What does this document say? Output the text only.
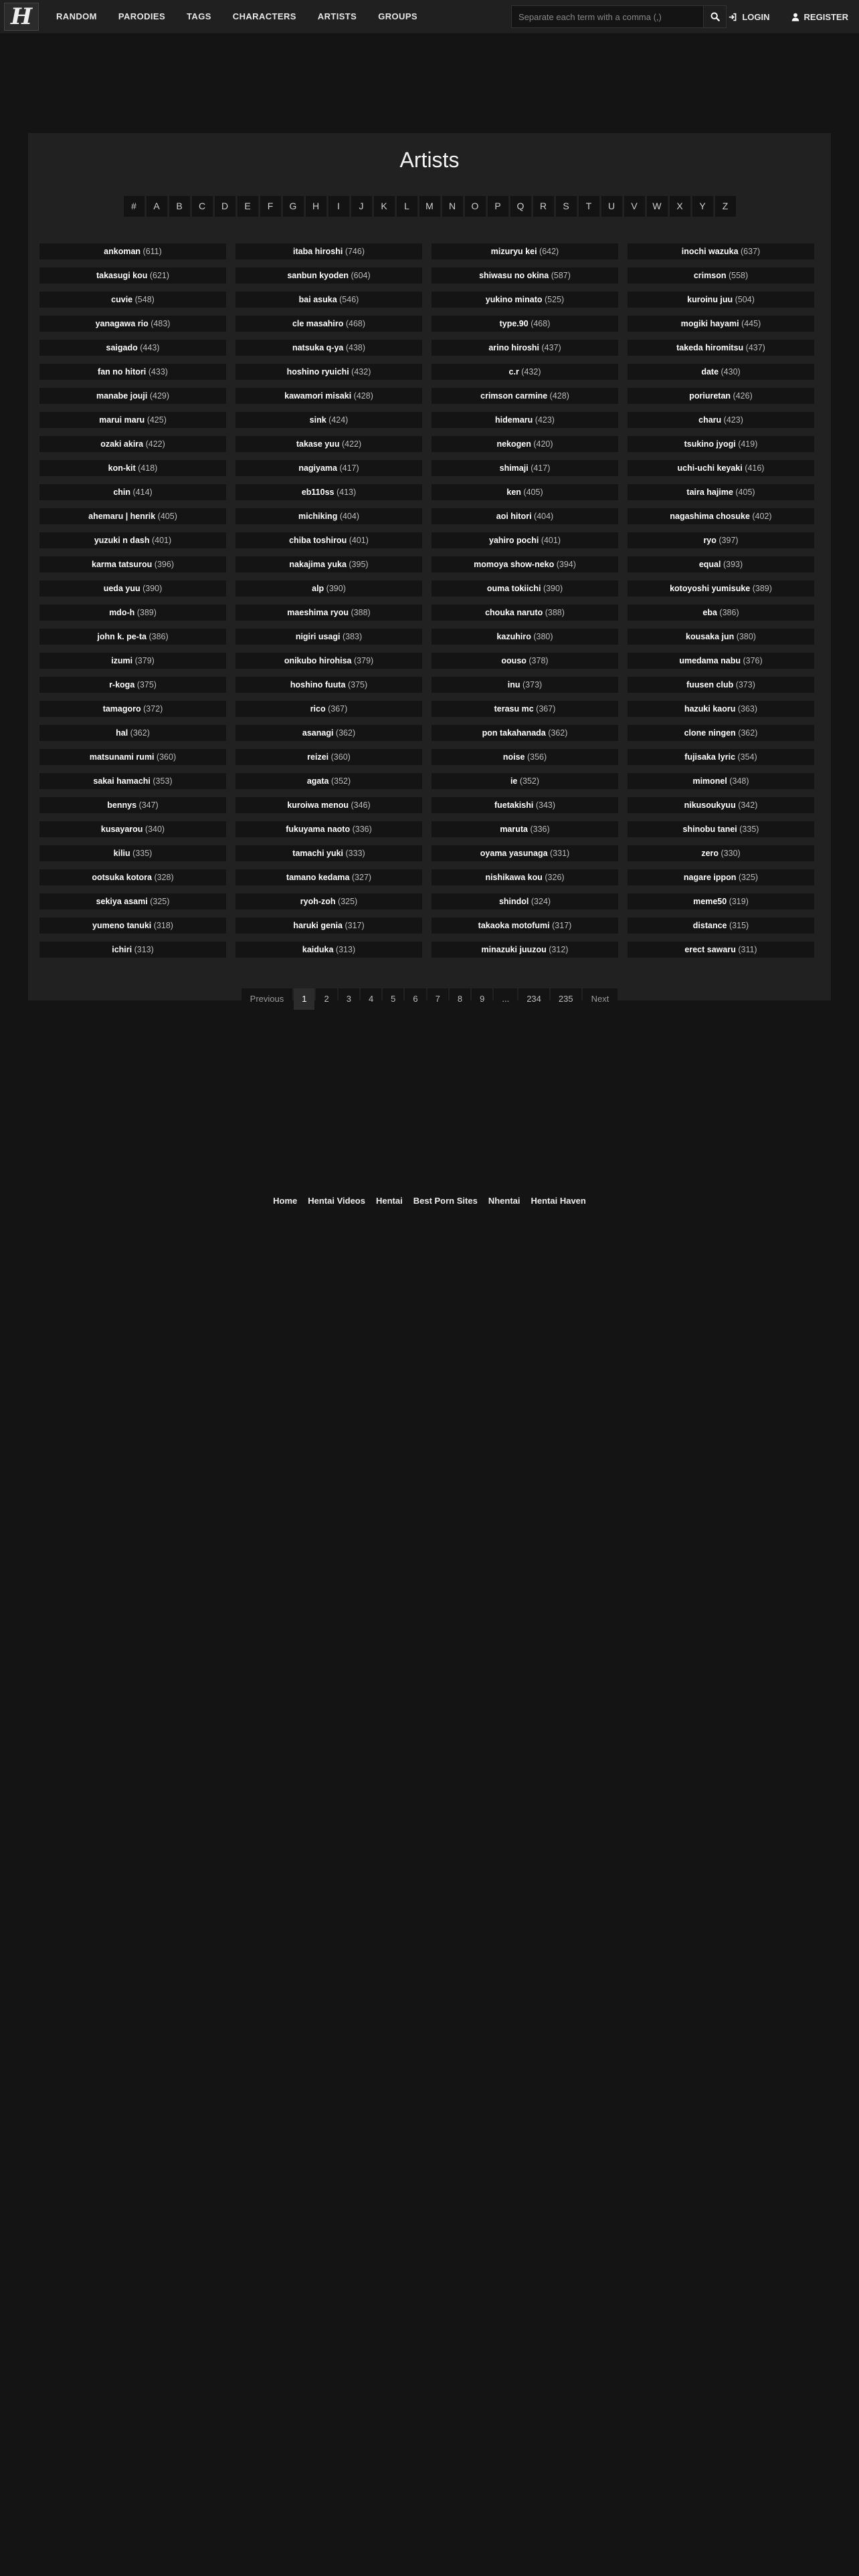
H	RANDOM	PARODIES	TAGS	CHARACTERS	ARTISTS	GROUPS
Separate each term with a comma (,)	LOGIN	REGISTER
Artists
#	A	B	C	D	E	F	G	H	I	J	K	L	M	N	O	P	Q	R	S	T	U	V	W	X	Y	Z
ankoman (611)	itaba hiroshi (746)	mizuryu kei (642)	inochi wazuka (637)
takasugi kou (621)	sanbun kyoden (604)	shiwasu no okina (587)	crimson (558)
cuvie (548)	bai asuka (546)	yukino minato (525)	kuroinu juu (504)
yanagawa rio (483)	cle masahiro (468)	type.90 (468)	mogiki hayami (445)
saigado (443)	natsuka q-ya (438)	arino hiroshi (437)	takeda hiromitsu (437)
fan no hitori (433)	hoshino ryuichi (432)	c.r (432)	date (430)
manabe jouji (429)	kawamori misaki (428)	crimson carmine (428)	poriuretan (426)
marui maru (425)	sink (424)	hidemaru (423)	charu (423)
ozaki akira (422)	takase yuu (422)	nekogen (420)	tsukino jyogi (419)
kon-kit (418)	nagiyama (417)	shimaji (417)	uchi-uchi keyaki (416)
chin (414)	eb110ss (413)	ken (405)	taira hajime (405)
ahemaru | henrik (405)	michiking (404)	aoi hitori (404)	nagashima chosuke (402)
yuzuki n dash (401)	chiba toshirou (401)	yahiro pochi (401)	ryo (397)
karma tatsurou (396)	nakajima yuka (395)	momoya show-neko (394)	equal (393)
ueda yuu (390)	alp (390)	ouma tokiichi (390)	kotoyoshi yumisuke (389)
mdo-h (389)	maeshima ryou (388)	chouka naruto (388)	eba (386)
john k. pe-ta (386)	nigiri usagi (383)	kazuhiro (380)	kousaka jun (380)
izumi (379)	onikubo hirohisa (379)	oouso (378)	umedama nabu (376)
r-koga (375)	hoshino fuuta (375)	inu (373)	fuusen club (373)
tamagoro (372)	rico (367)	terasu mc (367)	hazuki kaoru (363)
hal (362)	asanagi (362)	pon takahanada (362)	clone ningen (362)
matsunami rumi (360)	reizei (360)	noise (356)	fujisaka lyric (354)
sakai hamachi (353)	agata (352)	ie (352)	mimonel (348)
bennys (347)	kuroiwa menou (346)	fuetakishi (343)	nikusoukyuu (342)
kusayarou (340)	fukuyama naoto (336)	maruta (336)	shinobu tanei (335)
kiliu (335)	tamachi yuki (333)	oyama yasunaga (331)	zero (330)
ootsuka kotora (328)	tamano kedama (327)	nishikawa kou (326)	nagare ippon (325)
sekiya asami (325)	ryoh-zoh (325)	shindol (324)	meme50 (319)
yumeno tanuki (318)	haruki genia (317)	takaoka motofumi (317)	distance (315)
ichiri (313)	kaiduka (313)	minazuki juuzou (312)	erect sawaru (311)
Previous	1	2	3	4	5	6	7	8	9	...	234	235	Next
Home Hentai Videos Hentai Best Porn Sites Nhentai Hentai Haven
